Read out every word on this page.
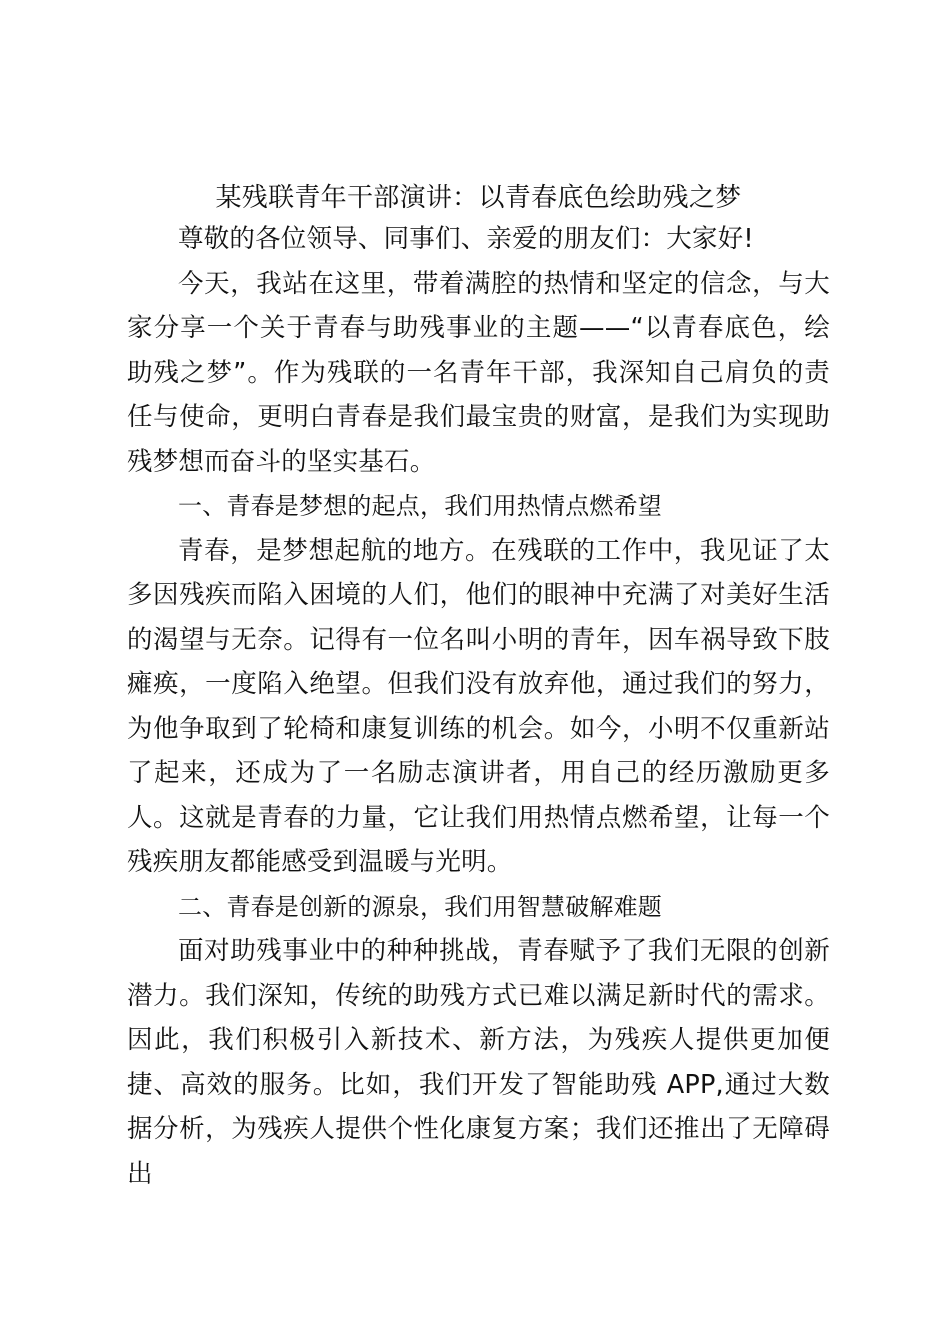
某残联青年干部演讲：以青春底色绘助残之梦

尊敬的各位领导、同事们、亲爱的朋友们：大家好!

今天，我站在这里，带着满腔的热情和坚定的信念，与大家分享一个关于青春与助残事业的主题——“以青春底色，绘助残之梦”。作为残联的一名青年干部，我深知自己肩负的责任与使命，更明白青春是我们最宝贵的财富，是我们为实现助残梦想而奋斗的坚实基石。

一、青春是梦想的起点，我们用热情点燃希望

青春，是梦想起航的地方。在残联的工作中，我见证了太多因残疾而陷入困境的人们，他们的眼神中充满了对美好生活的渴望与无奈。记得有一位名叫小明的青年，因车祸导致下肢瘫痪，一度陷入绝望。但我们没有放弃他，通过我们的努力，为他争取到了轮椅和康复训练的机会。如今，小明不仅重新站了起来，还成为了一名励志演讲者，用自己的经历激励更多人。这就是青春的力量，它让我们用热情点燃希望，让每一个残疾朋友都能感受到温暖与光明。

二、青春是创新的源泉，我们用智慧破解难题

面对助残事业中的种种挑战，青春赋予了我们无限的创新潜力。我们深知，传统的助残方式已难以满足新时代的需求。因此，我们积极引入新技术、新方法，为残疾人提供更加便捷、高效的服务。比如，我们开发了智能助残 APP,通过大数据分析，为残疾人提供个性化康复方案；我们还推出了无障碍出
